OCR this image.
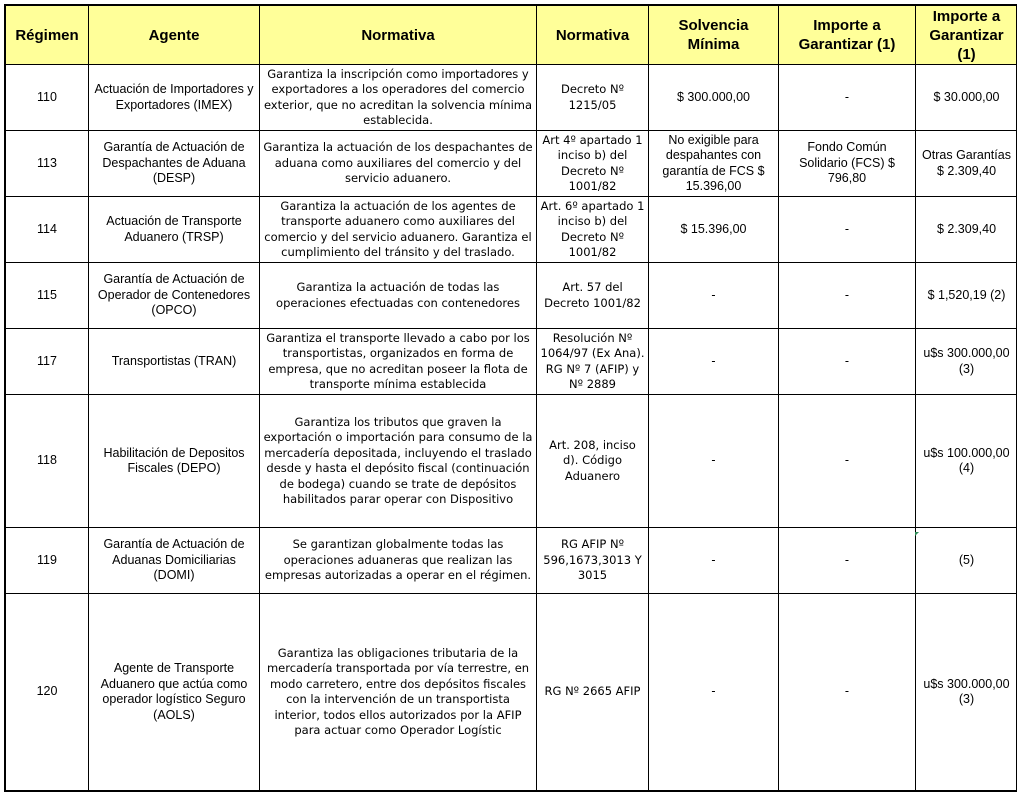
Régimen	Agente	Normativa	Normativa	Solvencia Mínima	Importe a Garantizar (1)	Importe a Garantizar (1)
110	Actuación de Importadores y Exportadores (IMEX)	Garantiza la inscripción como importadores y exportadores a los operadores del comercio exterior, que no acreditan la solvencia mínima establecida.	Decreto Nº 1215/05	$ 300.000,00	-	$ 30.000,00
113	Garantía de Actuación de Despachantes de Aduana (DESP)	Garantiza la actuación de los despachantes de aduana como auxiliares del comercio y del servicio aduanero.	Art 4º apartado 1 inciso b) del Decreto Nº 1001/82	No exigible para despahantes con garantía de FCS $ 15.396,00	Fondo Común Solidario (FCS) $ 796,80	Otras Garantías $ 2.309,40
114	Actuación de Transporte Aduanero (TRSP)	Garantiza la actuación de los agentes de transporte aduanero como auxiliares del comercio y del servicio aduanero. Garantiza el cumplimiento del tránsito y del traslado.	Art. 6º apartado 1 inciso b) del Decreto Nº 1001/82	$ 15.396,00	-	$ 2.309,40
115	Garantía de Actuación de Operador de Contenedores (OPCO)	Garantiza la actuación de todas las operaciones efectuadas con contenedores	Art. 57 del Decreto 1001/82	-	-	$ 1,520,19 (2)
117	Transportistas (TRAN)	Garantiza el transporte llevado a cabo por los transportistas, organizados en forma de empresa, que no acreditan poseer la flota de transporte mínima establecida	Resolución Nº 1064/97 (Ex Ana). RG Nº 7 (AFIP) y Nº 2889	-	-	u$s 300.000,00 (3)
118	Habilitación de Depositos Fiscales (DEPO)	Garantiza los tributos que graven la exportación o importación para consumo de la mercadería depositada, incluyendo el traslado desde y hasta el depósito fiscal (continuación de bodega) cuando se trate de depósitos habilitados parar operar con Dispositivo	Art. 208, inciso d). Código Aduanero	-	-	u$s 100.000,00 (4)
119	Garantía de Actuación de Aduanas Domiciliarias (DOMI)	Se garantizan globalmente todas las operaciones aduaneras que realizan las empresas autorizadas a operar en el régimen.	RG AFIP Nº 596,1673,3013 Y 3015	-	-	(5)
120	Agente de Transporte Aduanero que actúa como operador logístico Seguro (AOLS)	Garantiza las obligaciones tributaria de la mercadería transportada por vía terrestre, en modo carretero, entre dos depósitos fiscales con la intervención de un transportista interior, todos ellos autorizados por la AFIP para actuar como Operador Logístic	RG Nº 2665 AFIP	-	-	u$s 300.000,00 (3)
